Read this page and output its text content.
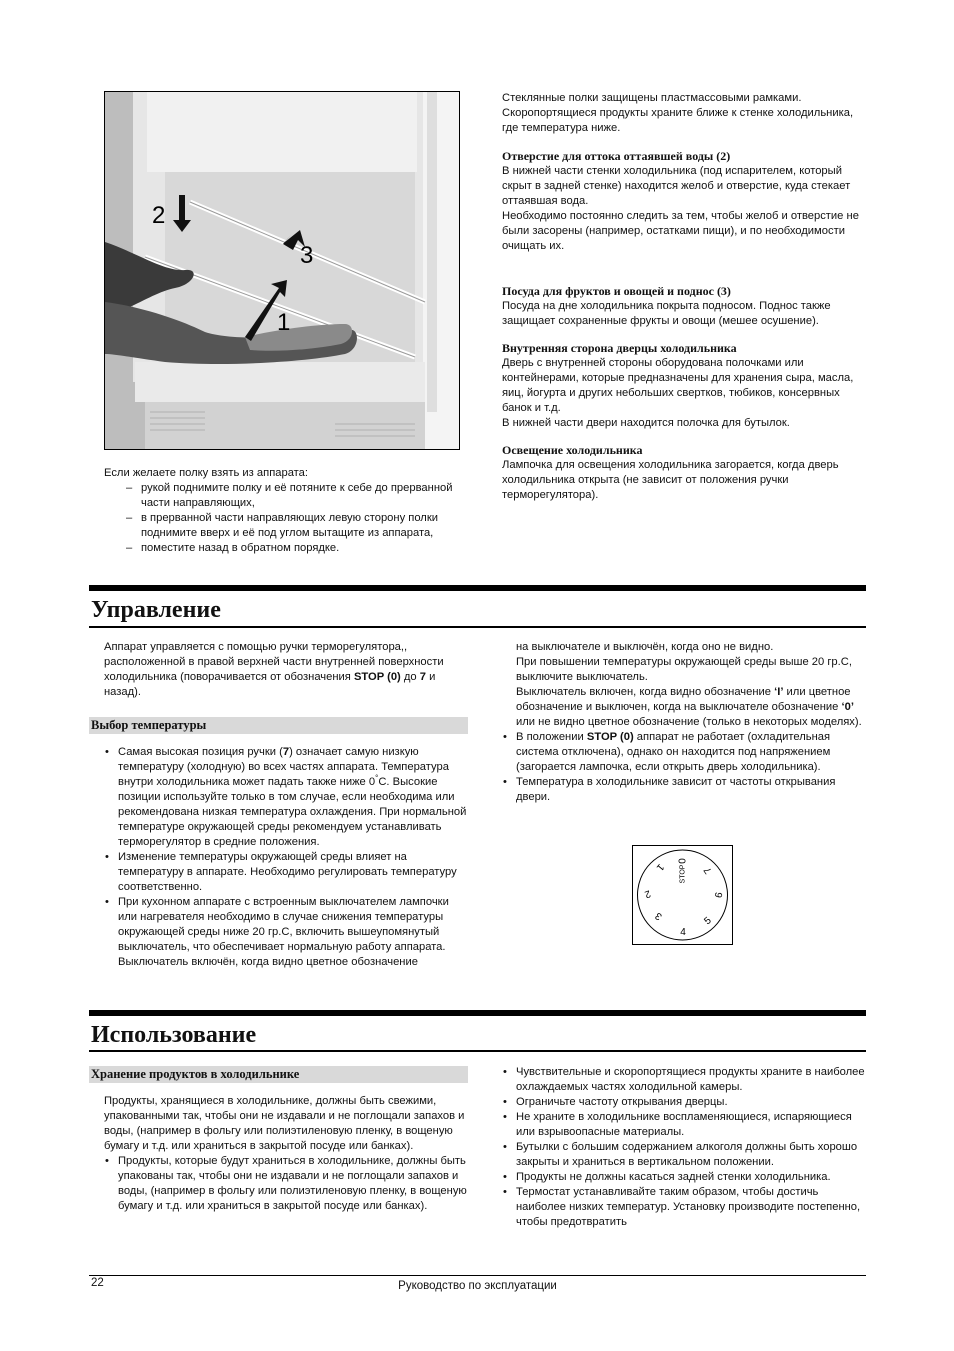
2
3
1

Если желаете полку взять из аппарата:

– рукой поднимите полку и её потяните к себе до прерванной части направляющих,
– в прерванной части направляющих левую сторону полки поднимите вверх и её под углом вытащите из аппарата,
– поместите назад в обратном порядке.

Стеклянные полки защищены пластмассовыми рамками. Скоропортящиеся продукты храните ближе к стенке холодильника, где температура ниже.

Отверстие для оттока оттаявшей воды (2)

В нижней части стенки холодильника (под испарителем, который скрыт в задней стенке) находится желоб и отверстие, куда стекает оттаявшая вода.

Необходимо постоянно следить за тем, чтобы желоб и отверстие не были засорены (например, остатками пищи), и по необходимости очищать их.

Посуда для фруктов и овощей и поднос (3)

Посуда на дне холодильника покрыта подносом. Поднос также защищает сохраненные фрукты и овощи (мешее осушение).

Внутренняя сторона дверцы холодильника

Дверь с внутренней стороны оборудована полочками или контейнерами, которые предназначены для хранения сыра, масла, яиц, йогурта и других небольших свертков, тюбиков, консервных банок и т.д.

В нижней части двери находится полочка для бутылок.

Освещение холодильника

Лампочка для освещения холодильника загорается, когда дверь холодильника открыта (не зависит от положения ручки терморегулятора).

Управление

Аппарат управляется с помощью ручки терморегулятора,, расположенной в правой верхней части внутренней поверхности холодильника (поворачивается от обозначения STOP (0) до 7 и назад).

Выбор температуры
• Самая высокая позиция ручки (7) означает самую низкую температуру (холодную) во всех частях аппарата. Температура внутри холодильника может падать также ниже 0°C. Высокие позиции используйте только в том случае, если необходима или рекомендована низкая температура охлаждения. При нормальной температуре окружающей среды рекомендуем устанавливать терморегулятор в средние положения.
• Изменение температуры окружающей среды влияет на температуру в аппарате. Необходимо регулировать температуру соответственно.
• При кухонном аппарате с встроенным выключателем лампочки или нагревателя необходимо в случае снижения температуры окружающей среды ниже 20 гр.С, включить вышеупомянутый выключатель, что обеспечивает нормальную работу аппарата. Выключатель включён, когда видно цветное обозначение

на выключателе и выключён, когда оно не видно.

При повышении температуры окружающей среды выше 20 гр.С, выключите выключатель.

Выключатель включен, когда видно обозначение ‘I’ или цветное обозначение и выключен, когда на выключателе обозначение ‘0’ или не видно цветное обозначение (только в некоторых моделях).

• В положении STOP (0) аппарат не работает (охладительная система отключена), однако он находится под напряжением (загорается лампочка, если открыть дверь холодильника).
• Температура в холодильнике зависит от частоты открывания двери.
0
STOP
1
2
3
4
5
6
7
Использование
Хранение продуктов в холодильнике

Продукты, хранящиеся в холодильнике, должны быть свежими, упакованными так, чтобы они не издавали и не поглощали запахов и воды, (например в фольгу или полиэтиленовую пленку, в вощеную бумагу и т.д. или храниться в закрытой посуде или банках).

• Продукты, которые будут храниться в холодильнике, должны быть упакованы так, чтобы они не издавали и не поглощали запахов и воды, (например в фольгу или полиэтиленовую пленку, в вощеную бумагу и т.д. или храниться в закрытой посуде или банках).
• Чувствительные и скоропортящиеся продукты храните в наиболее охлаждаемых частях холодильной камеры.
• Ограничьте частоту открывания дверцы.
• Не храните в холодильнике воспламеняющиеся, испаряющиеся или взрывоопасные материалы.
• Бутылки с большим содержанием алкоголя должны быть хорошо закрыты и храниться в вертикальном положении.
• Продукты не должны касаться задней стенки холодильника.
• Термостат устанавливайте таким образом, чтобы достичь наиболее низких температур. Установку производите постепенно, чтобы предотвратить
22	Руководство по эксплуатации
